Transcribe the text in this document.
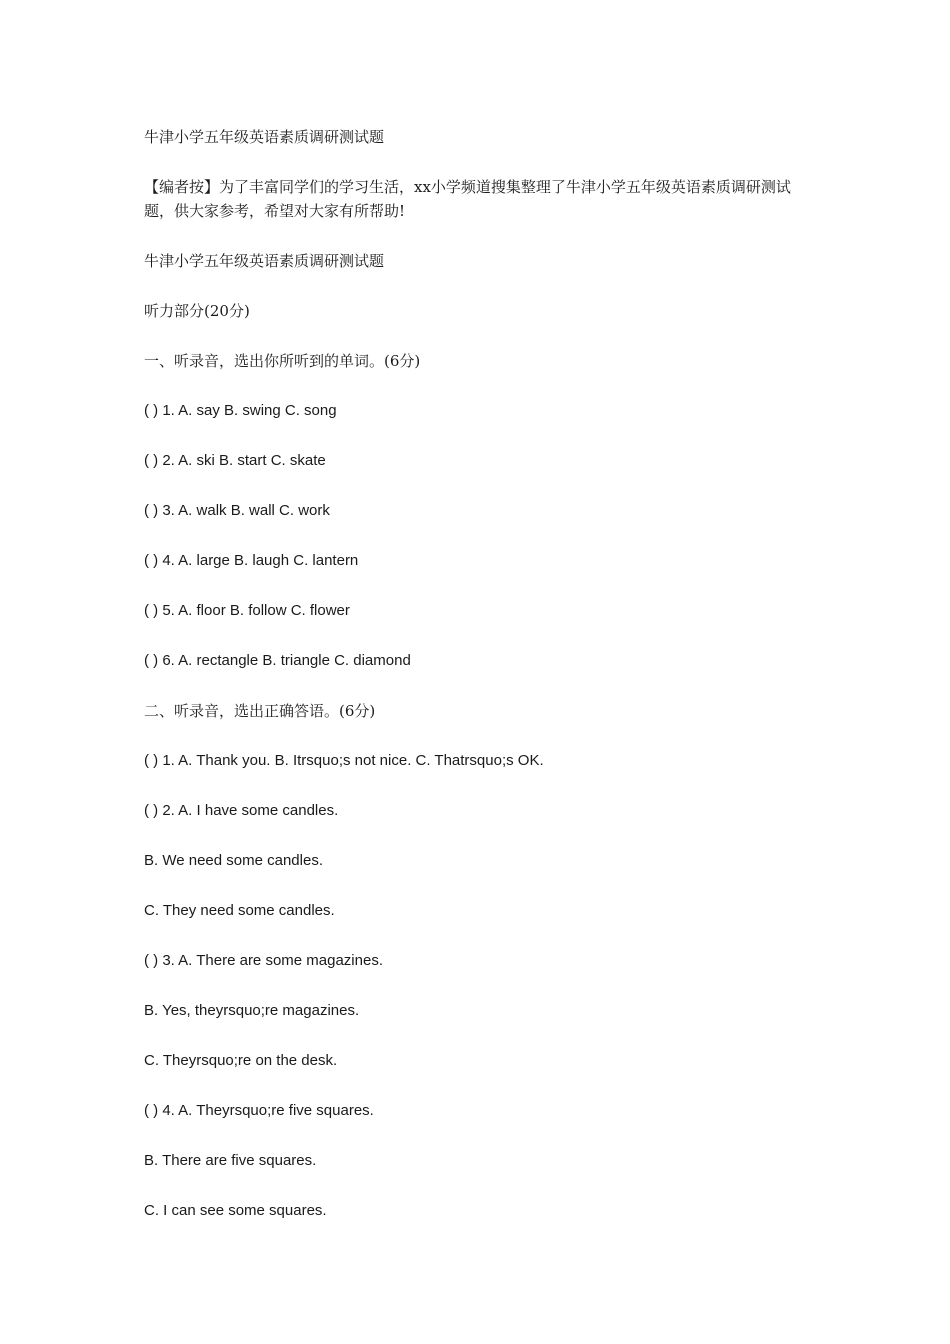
牛津小学五年级英语素质调研测试题

【编者按】为了丰富同学们的学习生活，xx小学频道搜集整理了牛津小学五年级英语素质调研测试题，供大家参考，希望对大家有所帮助!

牛津小学五年级英语素质调研测试题

听力部分(20分)

一、听录音，选出你所听到的单词。(6分)

( ) 1. A. say B. swing C. song

( ) 2. A. ski B. start C. skate

( ) 3. A. walk B. wall C. work

( ) 4. A. large B. laugh C. lantern

( ) 5. A. floor B. follow C. flower

( ) 6. A. rectangle B. triangle C. diamond

二、听录音，选出正确答语。(6分)

( ) 1. A. Thank you. B. Itrsquo;s not nice. C. Thatrsquo;s OK.

( ) 2. A. I have some candles.

B. We need some candles.

C. They need some candles.

( ) 3. A. There are some magazines.

B. Yes, theyrsquo;re magazines.

C. Theyrsquo;re on the desk.

( ) 4. A. Theyrsquo;re five squares.

B. There are five squares.

C. I can see some squares.
